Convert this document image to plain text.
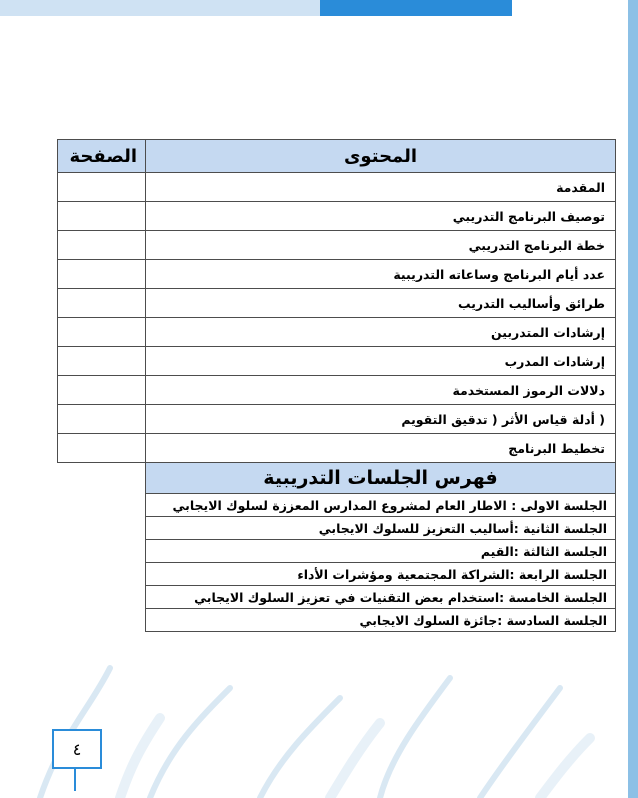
المحتوى	الصفحة
المقدمة	
توصيف البرنامج التدريبي	
خطة البرنامج التدريبي	
عدد أيام البرنامج وساعاته التدريبية	
طرائق وأساليب التدريب	
إرشادات المتدربين	
إرشادات المدرب	
دلالات الرموز المستخدمة	
( أدلة قياس الأثر ( تدقيق التقويم	
تخطيط البرنامج	
فهرس الجلسات التدريبية	
الجلسة الاولى : الاطار العام لمشروع المدارس المعززة لسلوك الايجابي	
الجلسة الثانية :أساليب التعزيز للسلوك الايجابي	
الجلسة الثالثة :القيم	
الجلسة الرابعة :الشراكة المجتمعية ومؤشرات الأداء	
الجلسة الخامسة :استخدام بعض التقنيات في تعزيز السلوك الايجابي	
الجلسة السادسة :جائزة السلوك الايجابي	
٤
